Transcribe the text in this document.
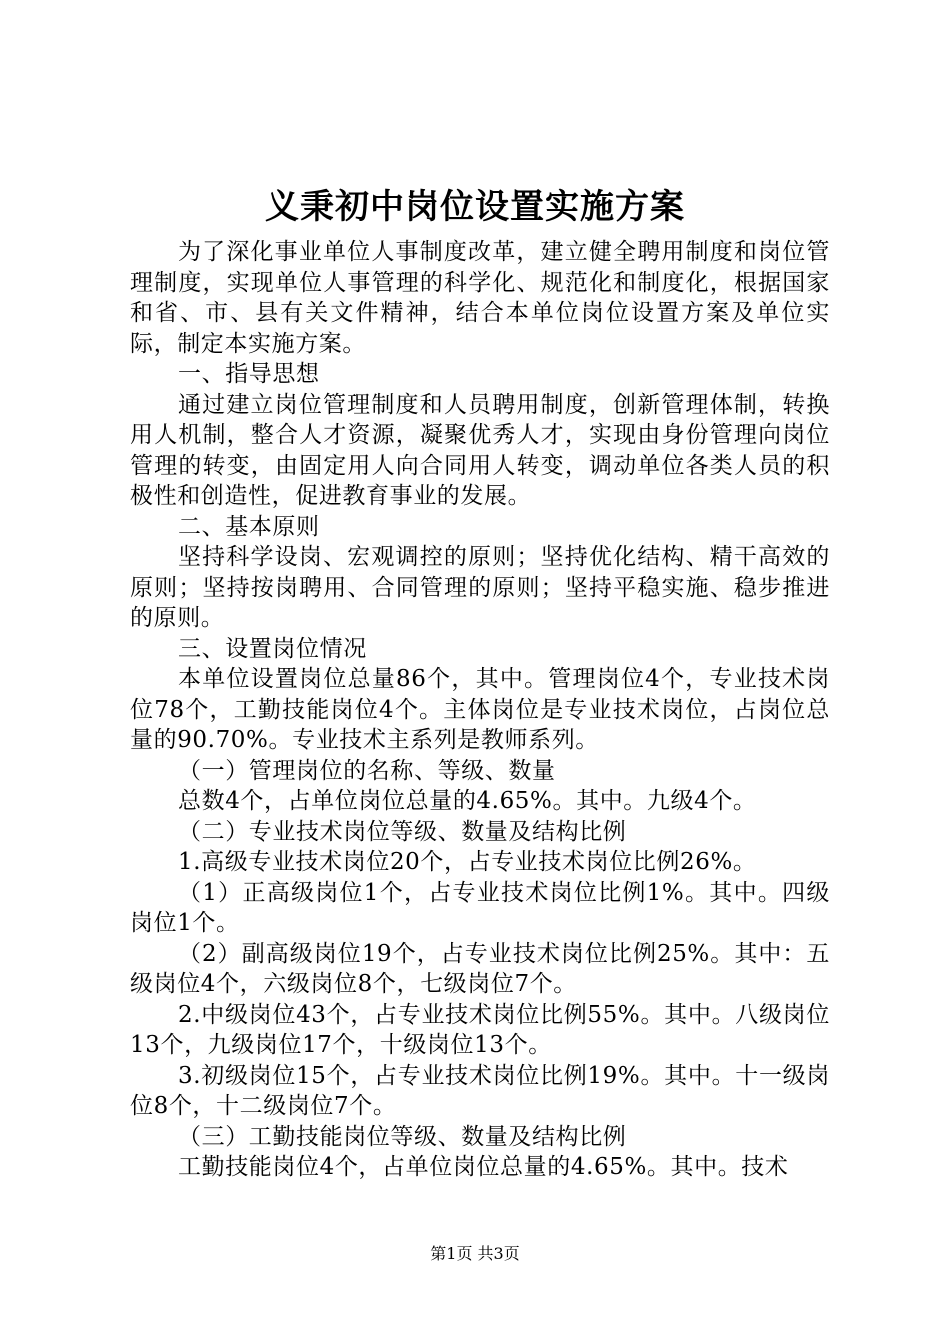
义秉初中岗位设置实施方案

为了深化事业单位人事制度改革，建立健全聘用制度和岗位管理制度，实现单位人事管理的科学化、规范化和制度化，根据国家和省、市、县有关文件精神，结合本单位岗位设置方案及单位实际，制定本实施方案。

一、指导思想

通过建立岗位管理制度和人员聘用制度，创新管理体制，转换用人机制，整合人才资源，凝聚优秀人才，实现由身份管理向岗位管理的转变，由固定用人向合同用人转变，调动单位各类人员的积极性和创造性，促进教育事业的发展。

二、基本原则

坚持科学设岗、宏观调控的原则；坚持优化结构、精干高效的原则；坚持按岗聘用、合同管理的原则；坚持平稳实施、稳步推进的原则。

三、设置岗位情况

本单位设置岗位总量86个，其中。管理岗位4个，专业技术岗位78个，工勤技能岗位4个。主体岗位是专业技术岗位，占岗位总量的90.70%。专业技术主系列是教师系列。

（一）管理岗位的名称、等级、数量

总数4个，占单位岗位总量的4.65%。其中。九级4个。

（二）专业技术岗位等级、数量及结构比例

1.高级专业技术岗位20个，占专业技术岗位比例26%。

（1）正高级岗位1个，占专业技术岗位比例1%。其中。四级岗位1个。

（2）副高级岗位19个，占专业技术岗位比例25%。其中：五级岗位4个，六级岗位8个，七级岗位7个。

2.中级岗位43个，占专业技术岗位比例55%。其中。八级岗位13个，九级岗位17个，十级岗位13个。

3.初级岗位15个，占专业技术岗位比例19%。其中。十一级岗位8个，十二级岗位7个。

（三）工勤技能岗位等级、数量及结构比例

工勤技能岗位4个，占单位岗位总量的4.65%。其中。技术

第1页 共3页
